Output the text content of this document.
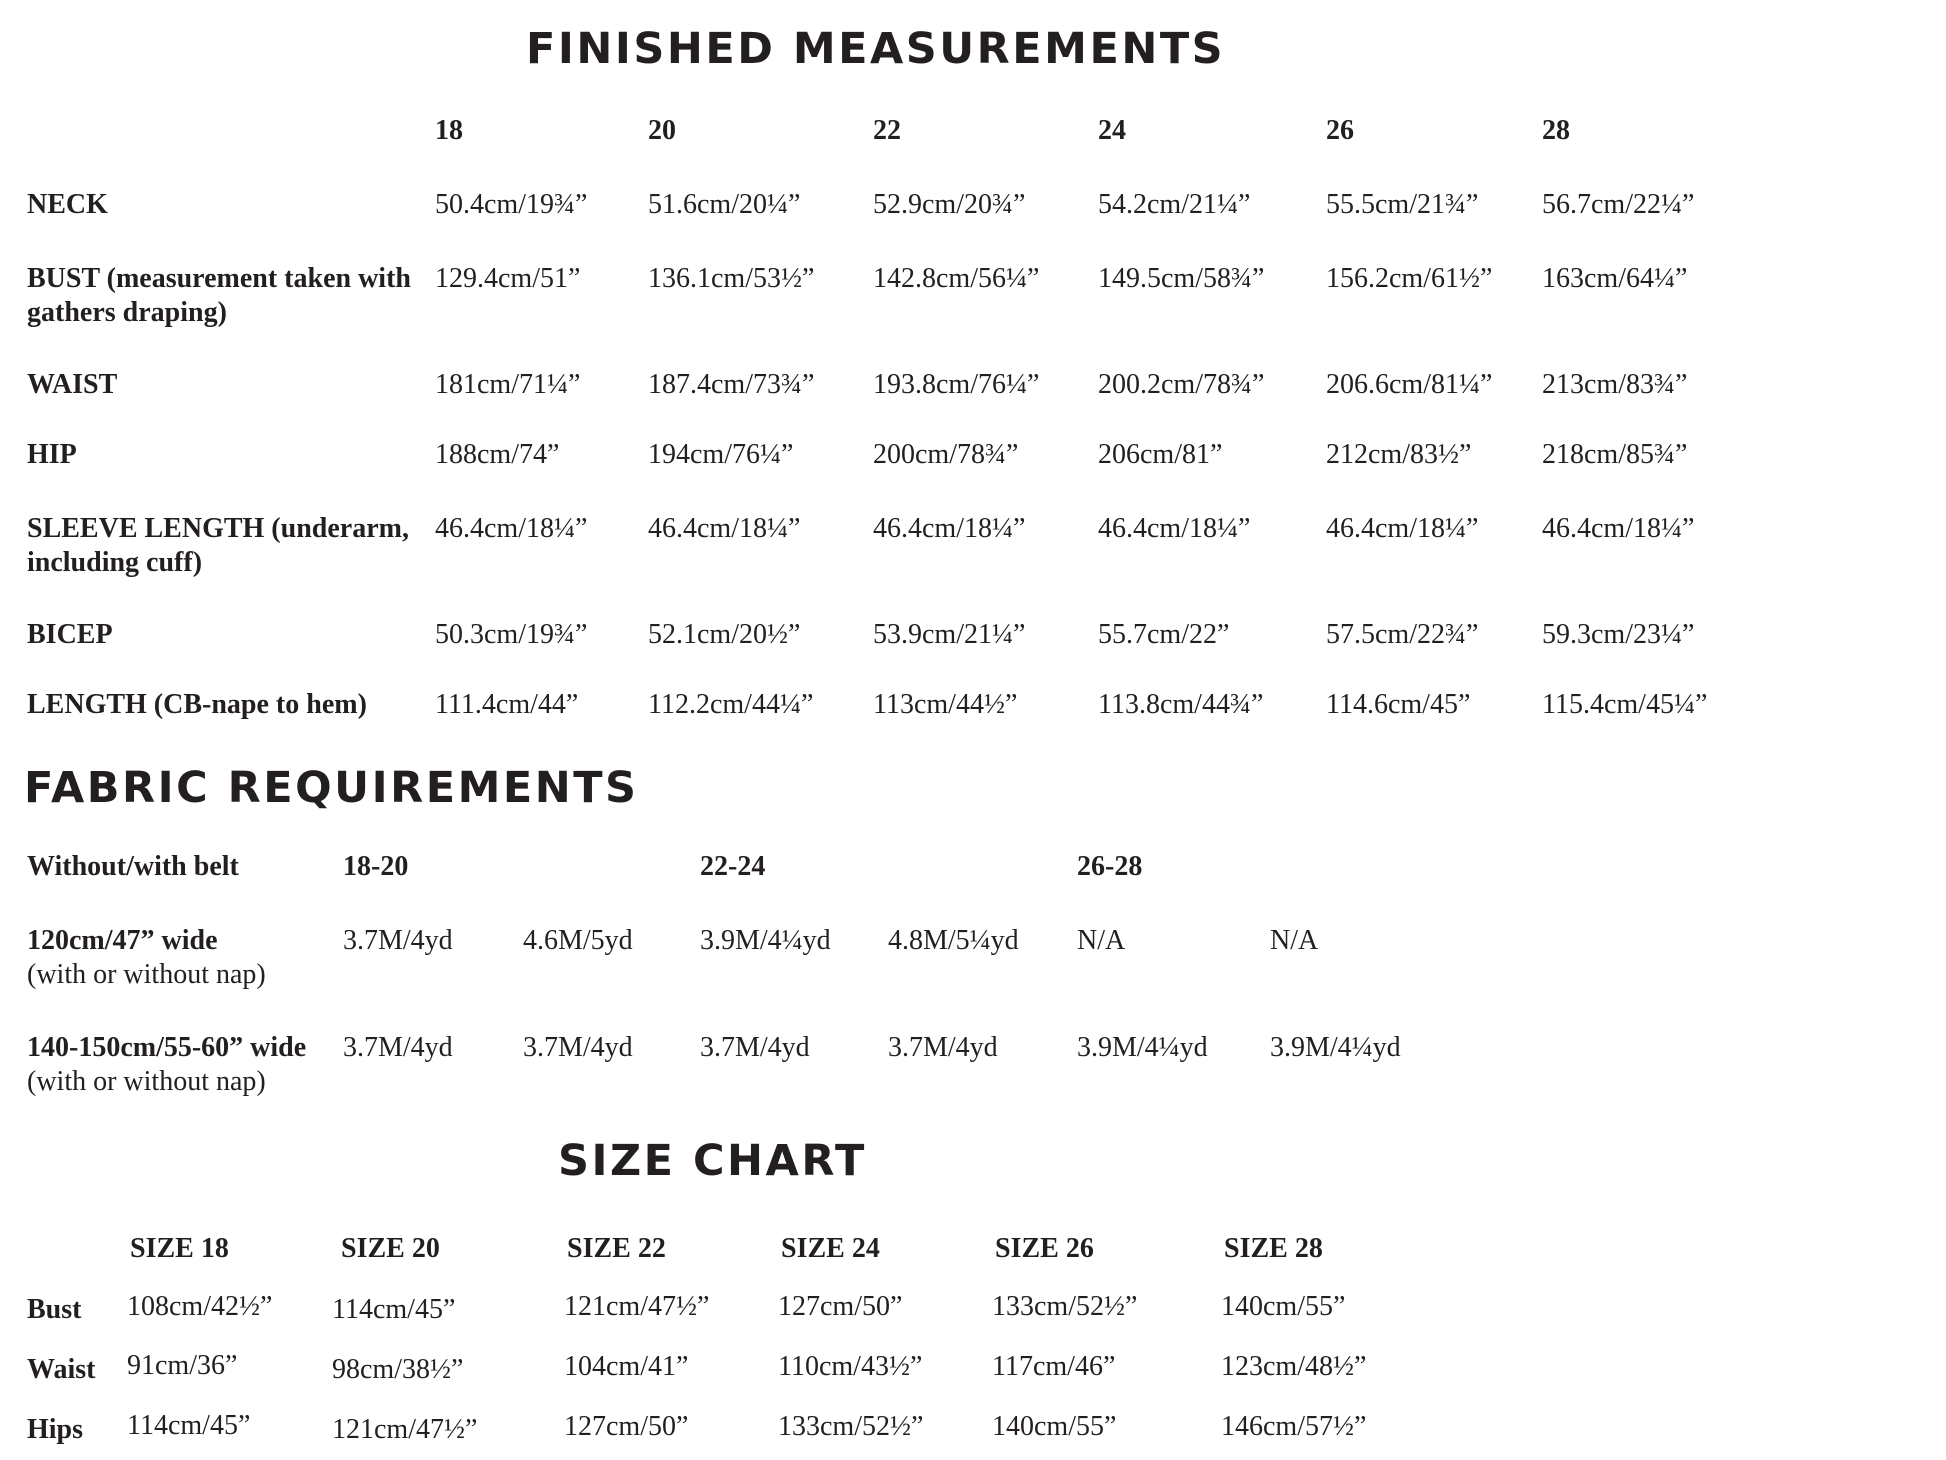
FINISHED MEASUREMENTS
18	20	22	24	26	28
NECK	50.4cm/19¾” 51.6cm/20¼”	52.9cm/20¾”	54.2cm/21¼”	55.5cm/21¾” 56.7cm/22¼”
BUST (measurement taken with
gathers draping)
129.4cm/51” 136.1cm/53½” 142.8cm/56¼” 149.5cm/58¾” 156.2cm/61½” 163cm/64¼”
WAIST	181cm/71¼” 187.4cm/73¾” 193.8cm/76¼” 200.2cm/78¾” 206.6cm/81¼” 213cm/83¾”
HIP	188cm/74”	194cm/76¼”	200cm/78¾”	206cm/81”	212cm/83½”	218cm/85¾”
SLEEVE LENGTH (underarm,
including cuff)
46.4cm/18¼” 46.4cm/18¼”	46.4cm/18¼”	46.4cm/18¼”	46.4cm/18¼” 46.4cm/18¼”
BICEP	50.3cm/19¾” 52.1cm/20½”	53.9cm/21¼”	55.7cm/22”	57.5cm/22¾” 59.3cm/23¼”
LENGTH (CB-nape to hem) 111.4cm/44” 112.2cm/44¼” 113cm/44½”	113.8cm/44¾” 114.6cm/45”	115.4cm/45¼”
FABRIC REQUIREMENTS
Without/with belt	18-20	22-24	26-28
120cm/47” wide
(with or without nap)
3.7M/4yd	4.6M/5yd 3.9M/4¼yd 4.8M/5¼yd N/A	N/A
140-150cm/55-60” wide
(with or without nap)
3.7M/4yd	3.7M/4yd 3.7M/4yd	3.7M/4yd	3.9M/4¼yd 3.9M/4¼yd
SIZE CHART
SIZE 18	SIZE 20	SIZE 22	SIZE 24	SIZE 26	SIZE 28
Bust 108cm/42½” 114cm/45”	121cm/47½” 127cm/50”	133cm/52½”	140cm/55”
Waist 91cm/36”	98cm/38½”	104cm/41”	110cm/43½” 117cm/46”	123cm/48½”
Hips 114cm/45”	121cm/47½”	127cm/50”	133cm/52½” 140cm/55”	146cm/57½”
